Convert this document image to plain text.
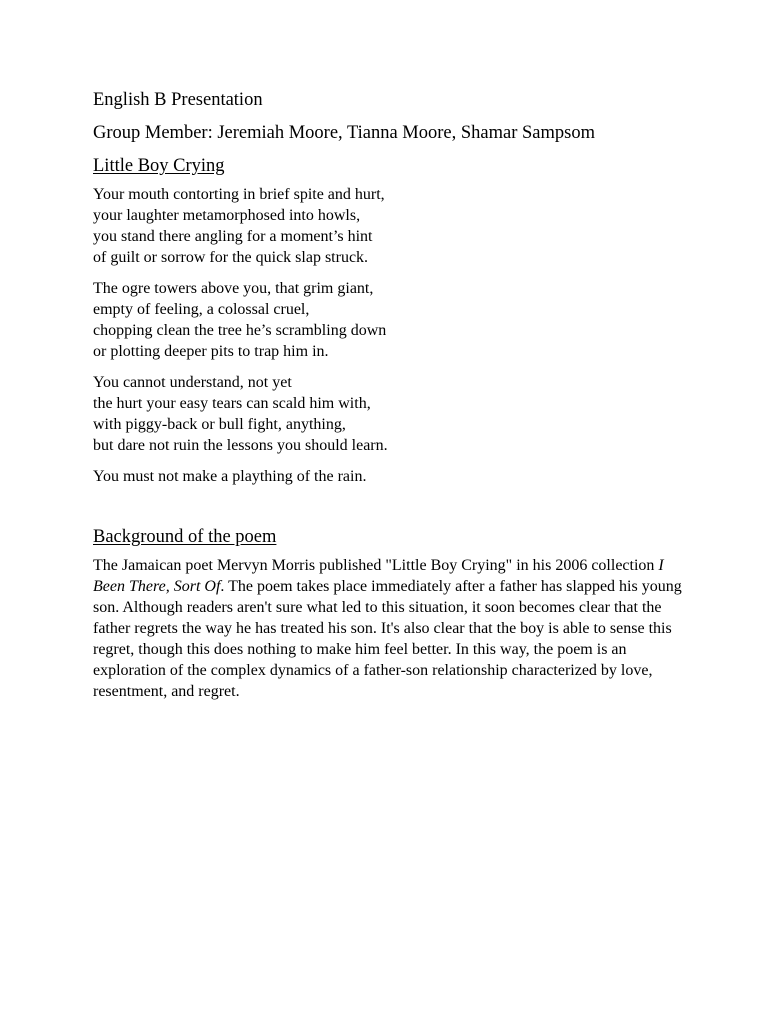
English B Presentation
Group Member: Jeremiah Moore, Tianna Moore, Shamar Sampsom
Little Boy Crying
Your mouth contorting in brief spite and hurt,
your laughter metamorphosed into howls,
you stand there angling for a moment’s hint
of guilt or sorrow for the quick slap struck.
The ogre towers above you, that grim giant,
empty of feeling, a colossal cruel,
chopping clean the tree he’s scrambling down
or plotting deeper pits to trap him in.
You cannot understand, not yet
the hurt your easy tears can scald him with,
with piggy-back or bull fight, anything,
but dare not ruin the lessons you should learn.
You must not make a plaything of the rain.
Background of the poem

The Jamaican poet Mervyn Morris published "Little Boy Crying" in his 2006 collection I Been There, Sort Of. The poem takes place immediately after a father has slapped his young son. Although readers aren't sure what led to this situation, it soon becomes clear that the father regrets the way he has treated his son. It's also clear that the boy is able to sense this regret, though this does nothing to make him feel better. In this way, the poem is an exploration of the complex dynamics of a father-son relationship characterized by love, resentment, and regret.
